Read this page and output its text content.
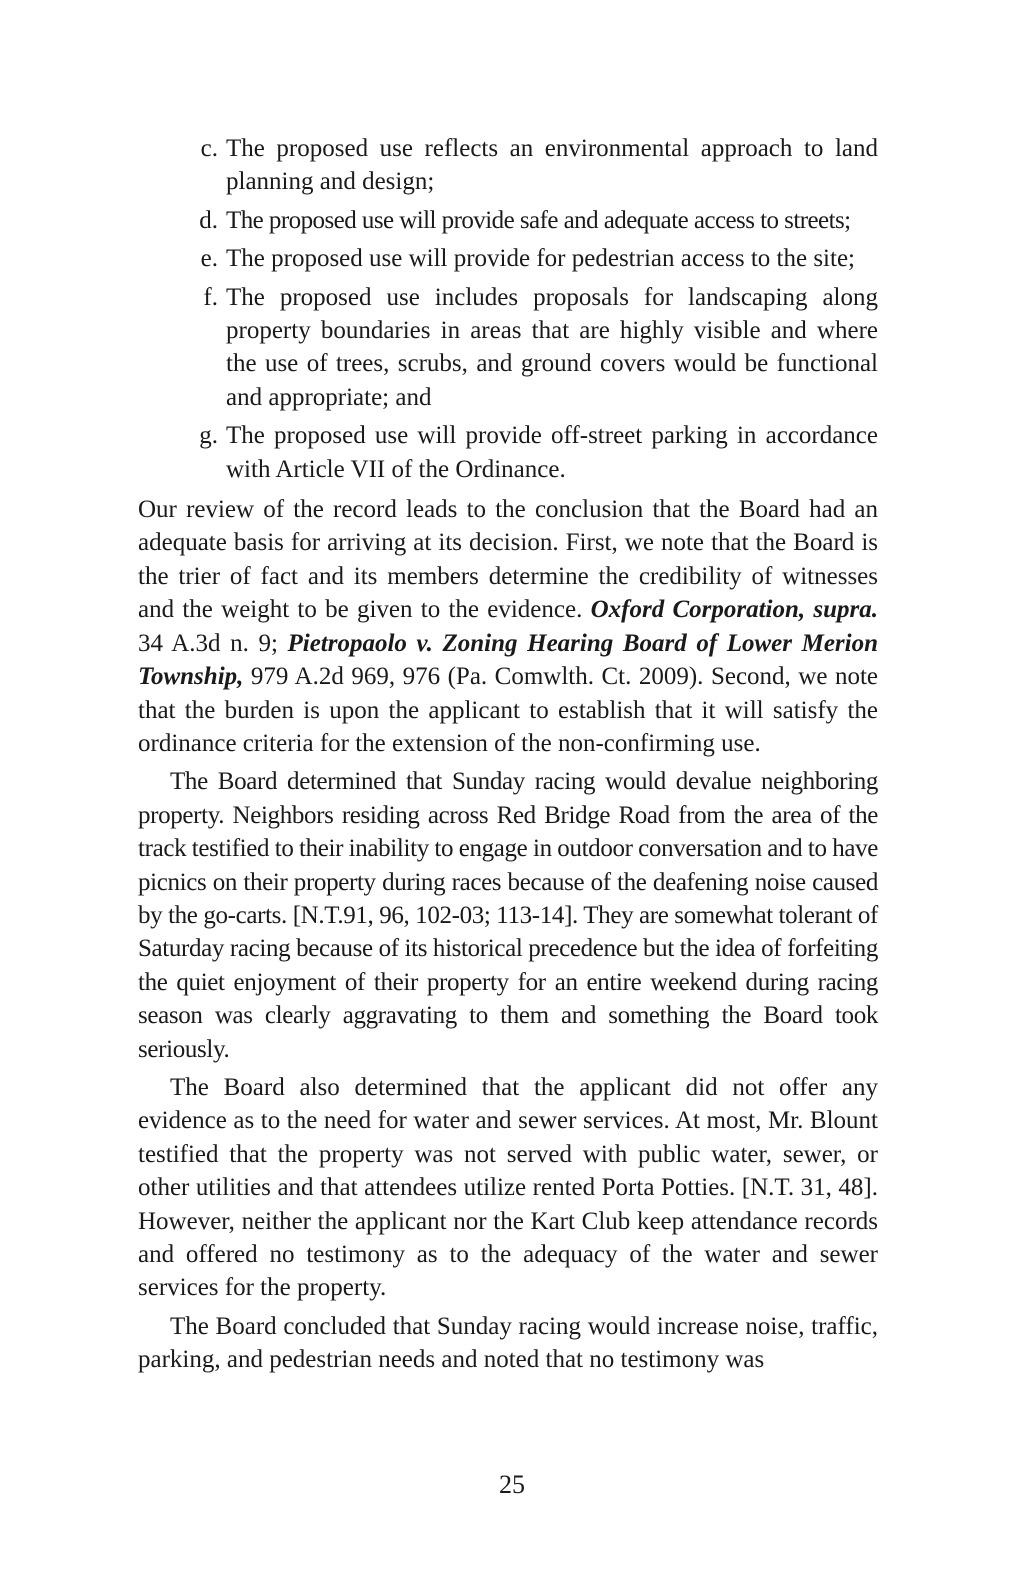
c. The proposed use reflects an environmental approach to land planning and design;
d. The proposed use will provide safe and adequate access to streets;
e. The proposed use will provide for pedestrian access to the site;
f. The proposed use includes proposals for landscaping along property boundaries in areas that are highly visible and where the use of trees, scrubs, and ground covers would be functional and appropriate; and
g. The proposed use will provide off-street parking in accordance with Article VII of the Ordinance.

Our review of the record leads to the conclusion that the Board had an adequate basis for arriving at its decision. First, we note that the Board is the trier of fact and its members determine the credibility of witnesses and the weight to be given to the evidence. Oxford Corporation, supra. 34 A.3d n. 9; Pietropaolo v. Zoning Hearing Board of Lower Merion Township, 979 A.2d 969, 976 (Pa. Comwlth. Ct. 2009). Second, we note that the burden is upon the applicant to establish that it will satisfy the ordinance criteria for the extension of the non-confirming use.

The Board determined that Sunday racing would devalue neighboring property. Neighbors residing across Red Bridge Road from the area of the track testified to their inability to engage in outdoor conversation and to have picnics on their property during races because of the deafening noise caused by the go-carts. [N.T.91, 96, 102-03; 113-14]. They are somewhat tolerant of Saturday racing because of its historical precedence but the idea of forfeiting the quiet enjoyment of their property for an entire weekend during racing season was clearly aggravating to them and something the Board took seriously.

The Board also determined that the applicant did not offer any evidence as to the need for water and sewer services. At most, Mr. Blount testified that the property was not served with public water, sewer, or other utilities and that attendees utilize rented Porta Potties. [N.T. 31, 48]. However, neither the applicant nor the Kart Club keep attendance records and offered no testimony as to the adequacy of the water and sewer services for the property.

The Board concluded that Sunday racing would increase noise, traffic, parking, and pedestrian needs and noted that no testimony was

25
